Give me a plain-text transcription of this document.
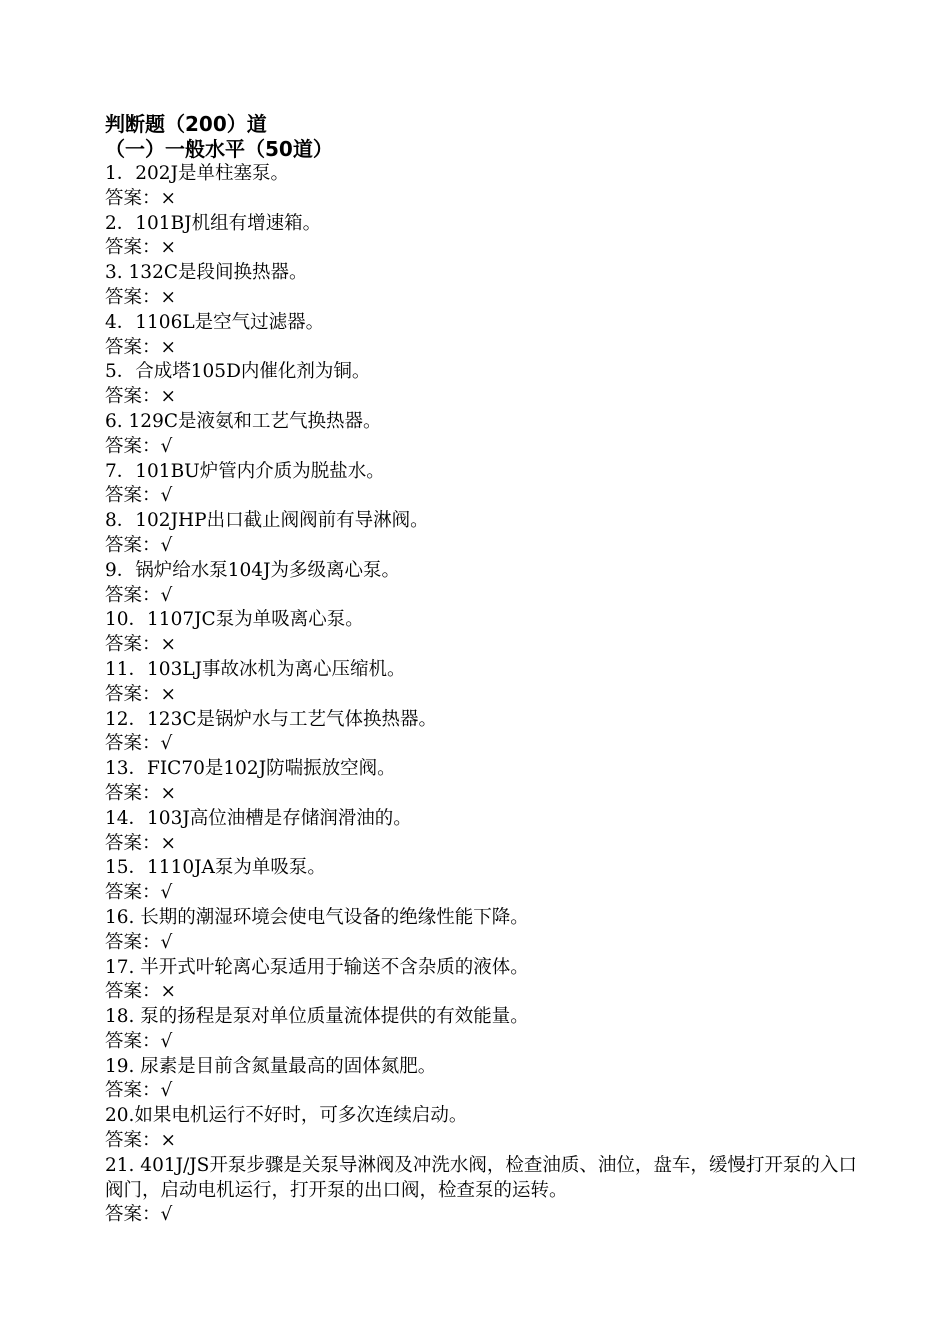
判断题（200）道
（一）一般水平（50道）
1．202J是单柱塞泵。
答案：×
2．101BJ机组有增速箱。
答案：×
3. 132C是段间换热器。
答案：×
4．1106L是空气过滤器。
答案：×
5．合成塔105D内催化剂为铜。
答案：×
6. 129C是液氨和工艺气换热器。
答案：√
7．101BU炉管内介质为脱盐水。
答案：√
8．102JHP出口截止阀阀前有导淋阀。
答案：√
9．锅炉给水泵104J为多级离心泵。
答案：√
10．1107JC泵为单吸离心泵。
答案：×
11．103LJ事故冰机为离心压缩机。
答案：×
12．123C是锅炉水与工艺气体换热器。
答案：√
13．FIC70是102J防喘振放空阀。
答案：×
14．103J高位油槽是存储润滑油的。
答案：×
15．1110JA泵为单吸泵。
答案：√
16. 长期的潮湿环境会使电气设备的绝缘性能下降。
答案：√
17. 半开式叶轮离心泵适用于输送不含杂质的液体。
答案：×
18. 泵的扬程是泵对单位质量流体提供的有效能量。
答案：√
19. 尿素是目前含氮量最高的固体氮肥。
答案：√
20.如果电机运行不好时，可多次连续启动。
答案：×
21. 401J/JS开泵步骤是关泵导淋阀及冲洗水阀，检查油质、油位，盘车，缓慢打开泵的入口阀门，启动电机运行，打开泵的出口阀，检查泵的运转。
答案：√
